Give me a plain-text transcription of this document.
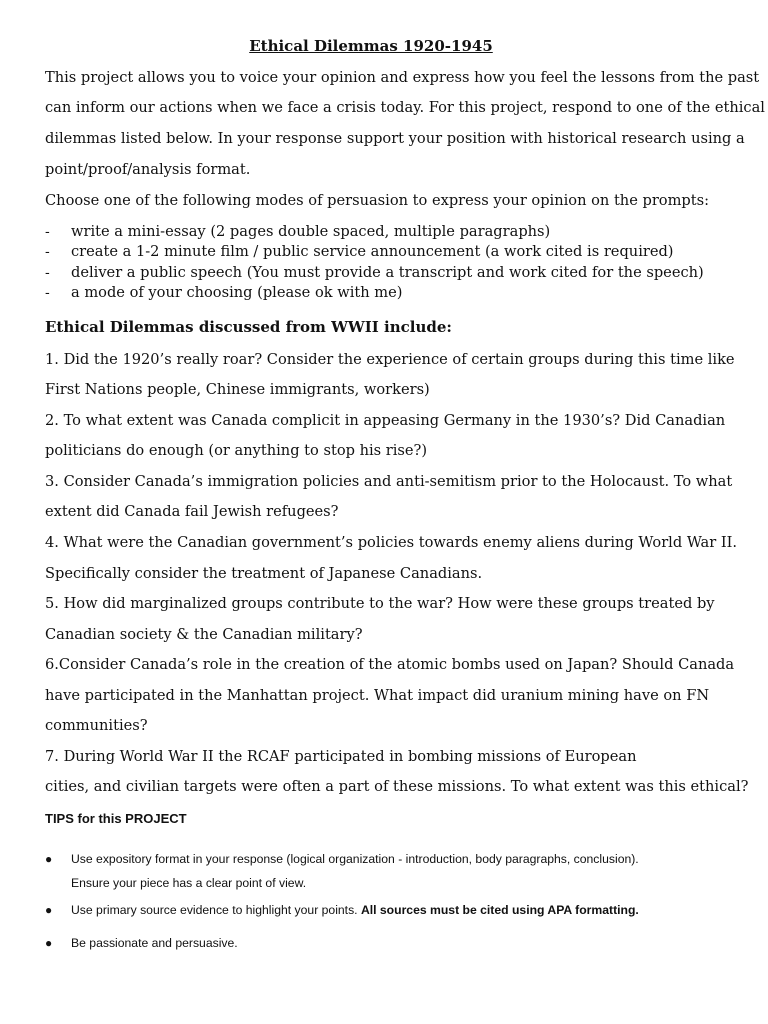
Ethical Dilemmas 1920-1945
This project allows you to voice your opinion and express how you feel the lessons from the past
can inform our actions when we face a crisis today. For this project, respond to one of the ethical
dilemmas listed below. In your response support your position with historical research using a
point/proof/analysis format.
Choose one of the following modes of persuasion to express your opinion on the prompts:
- write a mini-essay (2 pages double spaced, multiple paragraphs)
- create a 1-2 minute film / public service announcement (a work cited is required)
- deliver a public speech (You must provide a transcript and work cited for the speech)
- a mode of your choosing (please ok with me)
Ethical Dilemmas discussed from WWII include:
1. Did the 1920’s really roar? Consider the experience of certain groups during this time like
First Nations people, Chinese immigrants, workers)
2. To what extent was Canada complicit in appeasing Germany in the 1930’s? Did Canadian
politicians do enough (or anything to stop his rise?)
3. Consider Canada’s immigration policies and anti-semitism prior to the Holocaust. To what
extent did Canada fail Jewish refugees?
4. What were the Canadian government’s policies towards enemy aliens during World War II.
Specifically consider the treatment of Japanese Canadians.
5. How did marginalized groups contribute to the war? How were these groups treated by
Canadian society & the Canadian military?
6.Consider Canada’s role in the creation of the atomic bombs used on Japan? Should Canada
have participated in the Manhattan project. What impact did uranium mining have on FN
communities?
7. During World War II the RCAF participated in bombing missions of European
cities, and civilian targets were often a part of these missions. To what extent was this ethical?
TIPS for this PROJECT
● Use expository format in your response (logical organization - introduction, body paragraphs, conclusion).
Ensure your piece has a clear point of view.
● Use primary source evidence to highlight your points. All sources must be cited using APA formatting.
● Be passionate and persuasive.
